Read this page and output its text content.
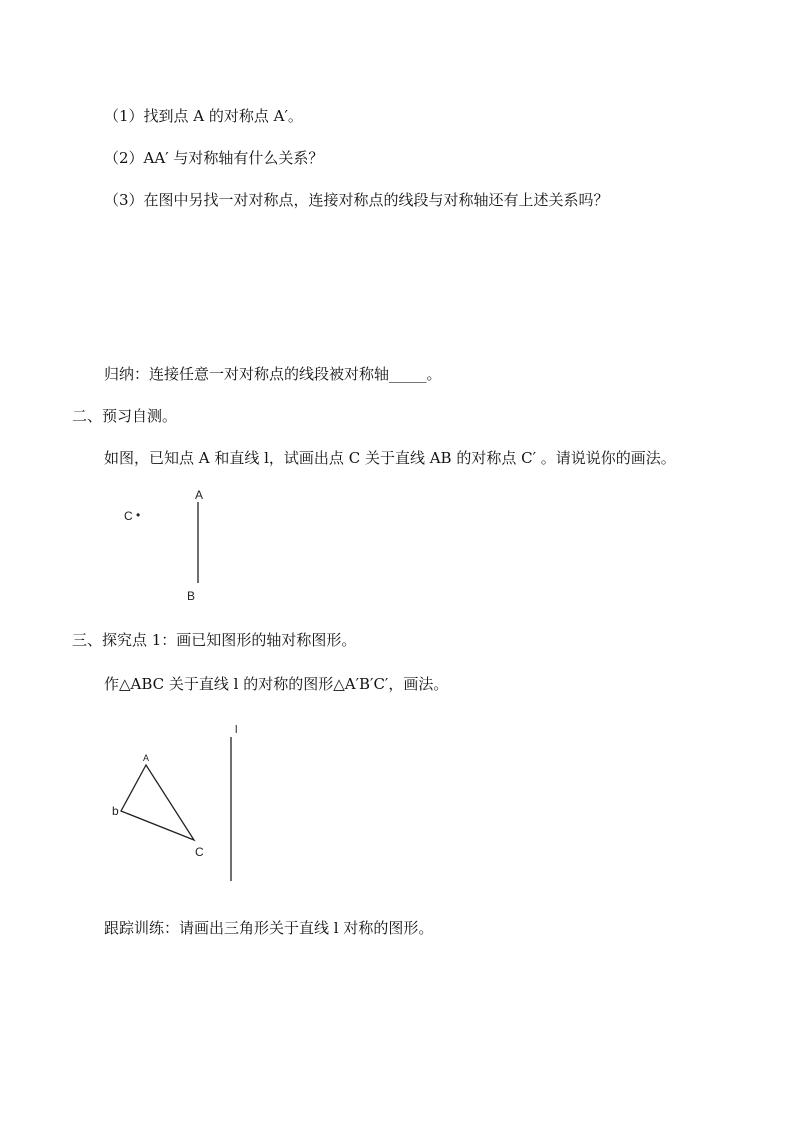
（1）找到点 A 的对称点 A′。
（2）AA′ 与对称轴有什么关系？
（3）在图中另找一对对称点，连接对称点的线段与对称轴还有上述关系吗？
归纳：连接任意一对对称点的线段被对称轴_____。
二、预习自测。
如图，已知点 A 和直线 l，试画出点 C 关于直线 AB 的对称点 C′ 。请说说你的画法。
C •
A
B
三、探究点 1：画已知图形的轴对称图形。
作△ABC 关于直线 l 的对称的图形△A′B′C′，画法。
A
b
C
l
跟踪训练：请画出三角形关于直线 l 对称的图形。
